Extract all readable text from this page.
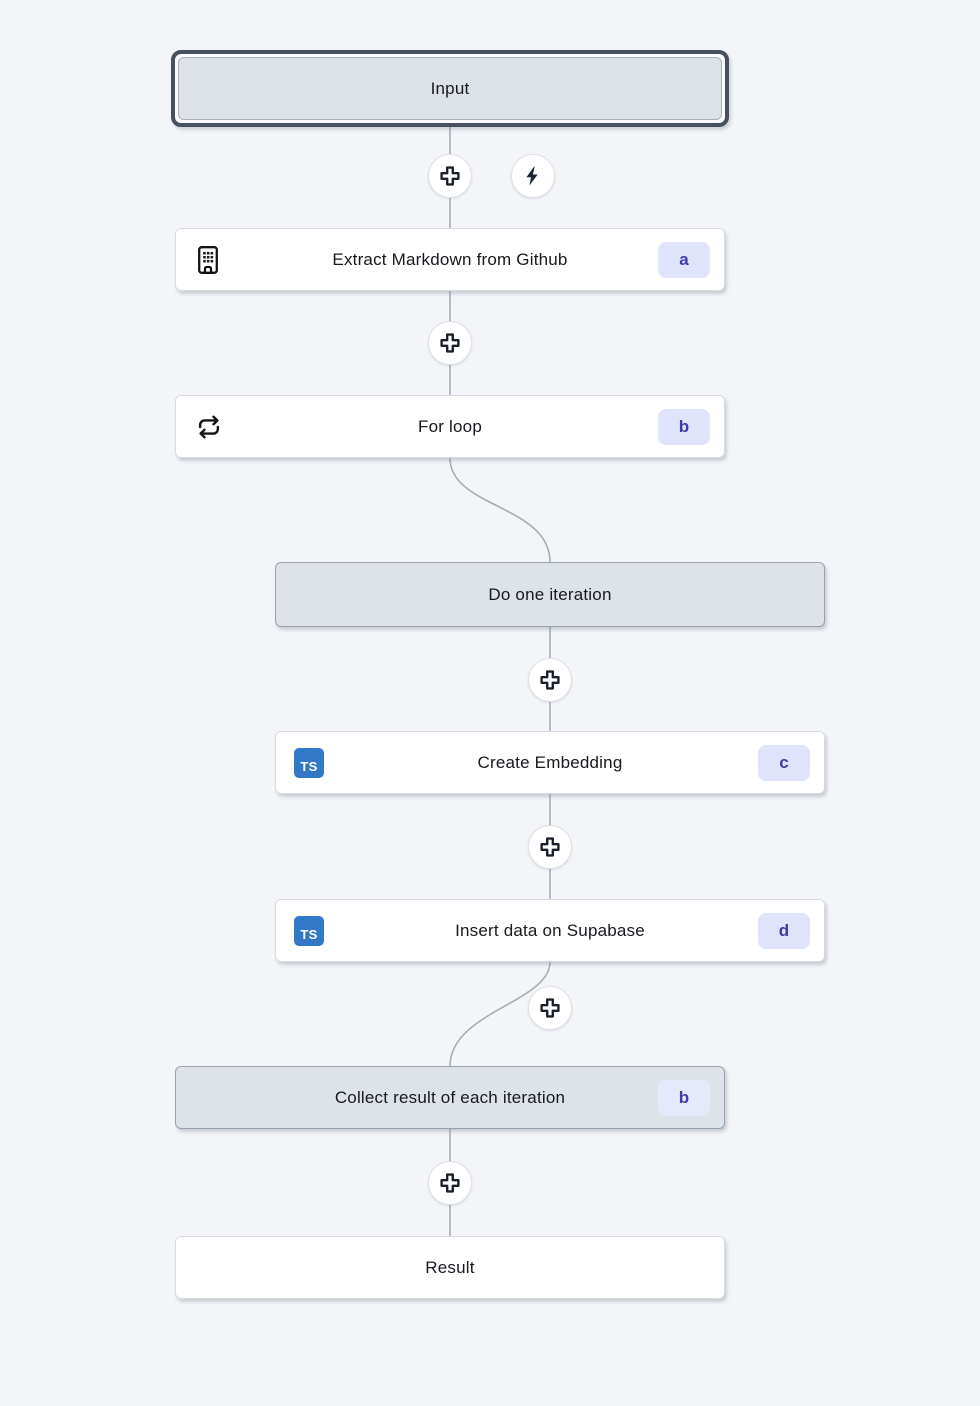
Input
Extract Markdown from Github	a
For loop	b
Do one iteration
TS	Create Embedding	c
TS	Insert data on Supabase	d
Collect result of each iteration	b
Result
